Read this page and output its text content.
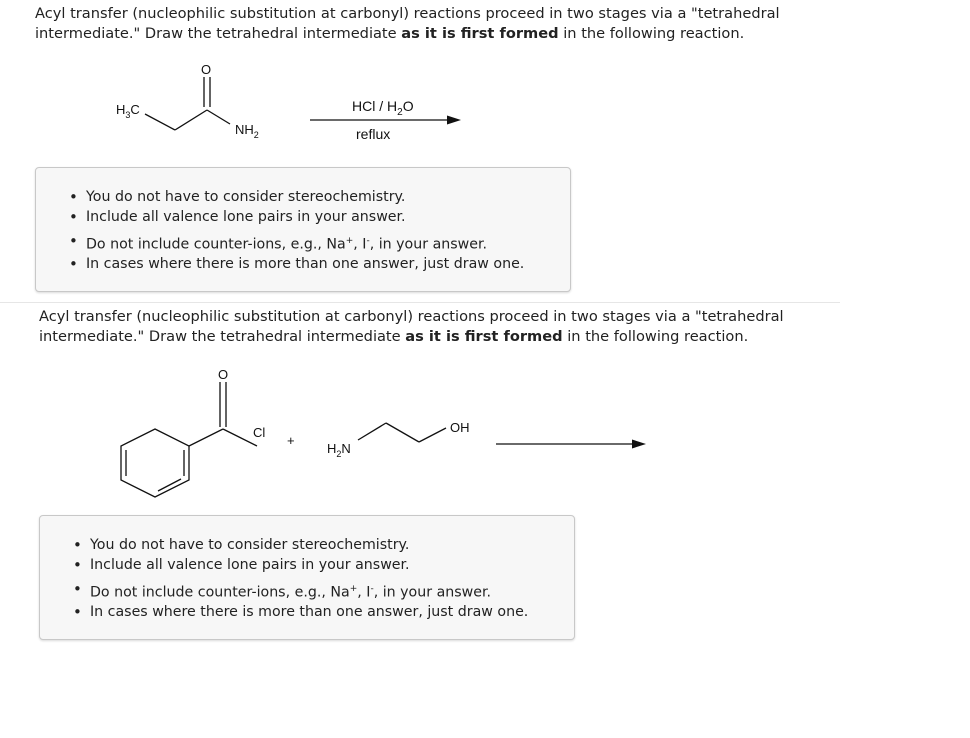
Acyl transfer (nucleophilic substitution at carbonyl) reactions proceed in two stages via a "tetrahedral intermediate." Draw the tetrahedral intermediate as it is first formed in the following reaction.
O
$H_3C$
$NH_2$
HCl / $H_2O$
reflux
• You do not have to consider stereochemistry.
• Include all valence lone pairs in your answer.
• Do not include counter-ions, e.g., Na+, I-, in your answer.
• In cases where there is more than one answer, just draw one.
Acyl transfer (nucleophilic substitution at carbonyl) reactions proceed in two stages via a "tetrahedral intermediate." Draw the tetrahedral intermediate as it is first formed in the following reaction.
O
Cl
+
$H_2N$
OH
• You do not have to consider stereochemistry.
• Include all valence lone pairs in your answer.
• Do not include counter-ions, e.g., Na+, I-, in your answer.
• In cases where there is more than one answer, just draw one.
